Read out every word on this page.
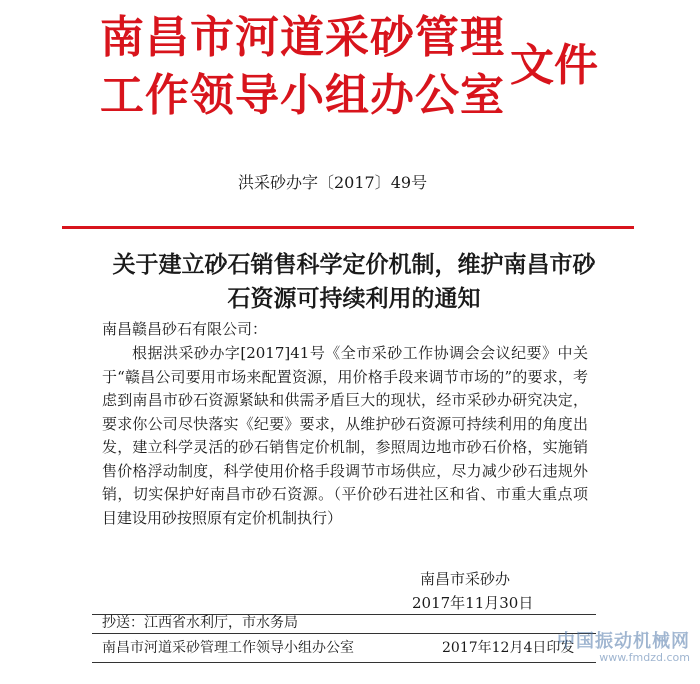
南昌市河道采砂管理
工作领导小组办公室
文件
洪采砂办字〔2017〕49号
关于建立砂石销售科学定价机制，维护南昌市砂石资源可持续利用的通知
南昌赣昌砂石有限公司：
根据洪采砂办字[2017]41号《全市采砂工作协调会会议纪要》中关于“赣昌公司要用市场来配置资源，用价格手段来调节市场的”的要求，考虑到南昌市砂石资源紧缺和供需矛盾巨大的现状，经市采砂办研究决定，要求你公司尽快落实《纪要》要求，从维护砂石资源可持续利用的角度出发，建立科学灵活的砂石销售定价机制，参照周边地市砂石价格，实施销售价格浮动制度，科学使用价格手段调节市场供应，尽力减少砂石违规外销，切实保护好南昌市砂石资源。（平价砂石进社区和省、市重大重点项目建设用砂按照原有定价机制执行）
南昌市采砂办
2017年11月30日
抄送：江西省水利厅，市水务局
南昌市河道采砂管理工作领导小组办公室	2017年12月4日印发
中国振动机械网
www.fmdzd.com
